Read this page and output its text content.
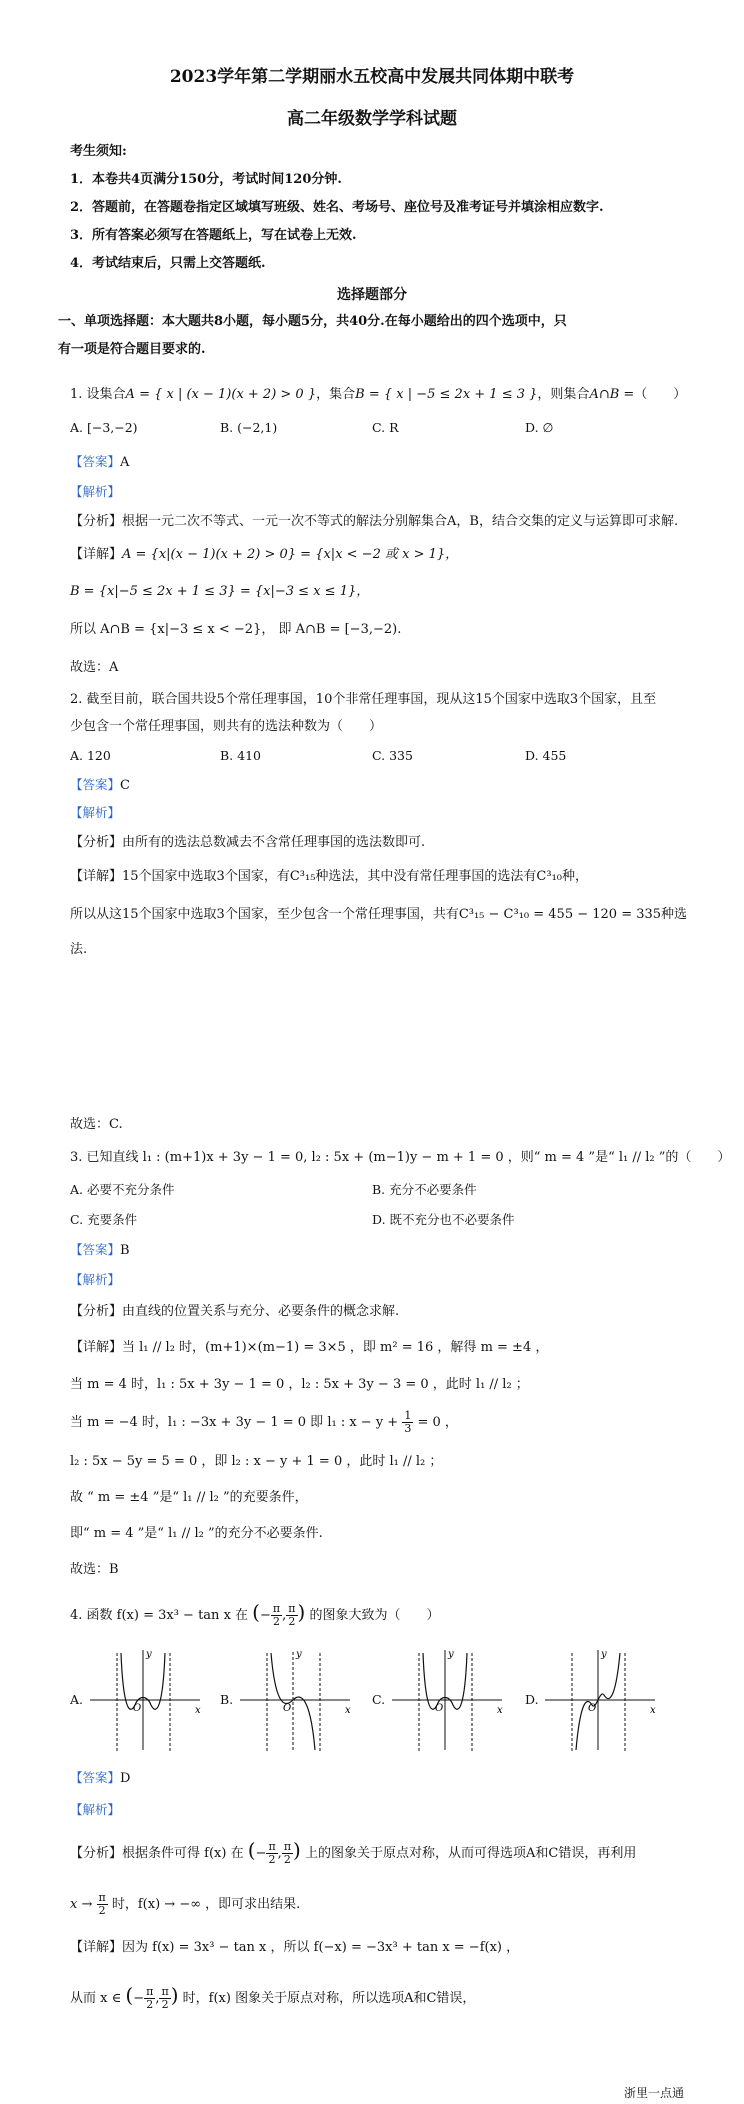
2023学年第二学期丽水五校高中发展共同体期中联考
高二年级数学学科试题
考生须知:
1．本卷共4页满分150分，考试时间120分钟.
2．答题前，在答题卷指定区域填写班级、姓名、考场号、座位号及准考证号并填涂相应数字.
3．所有答案必须写在答题纸上，写在试卷上无效.
4．考试结束后，只需上交答题纸.
选择题部分
一、单项选择题：本大题共8小题，每小题5分，共40分.在每小题给出的四个选项中，只
有一项是符合题目要求的.
1. 设集合A = { x | (x − 1)(x + 2) > 0 }，集合B = { x | −5 ≤ 2x + 1 ≤ 3 }，则集合A∩B =（　　）
A. [−3,−2)	B. (−2,1)	C. R	D. ∅
【答案】A
【解析】
【分析】根据一元二次不等式、一元一次不等式的解法分别解集合A，B，结合交集的定义与运算即可求解.
【详解】A = {x|(x − 1)(x + 2) > 0} = {x|x < −2 或 x > 1}，
B = {x|−5 ≤ 2x + 1 ≤ 3} = {x|−3 ≤ x ≤ 1}，
所以 A∩B = {x|−3 ≤ x < −2}， 即 A∩B = [−3,−2).
故选：A
2. 截至目前，联合国共设5个常任理事国，10个非常任理事国，现从这15个国家中选取3个国家，且至
少包含一个常任理事国，则共有的选法种数为（　　）
A. 120	B. 410	C. 335	D. 455
【答案】C
【解析】
【分析】由所有的选法总数减去不含常任理事国的选法数即可.
【详解】15个国家中选取3个国家，有C³₁₅种选法，其中没有常任理事国的选法有C³₁₀种，
所以从这15个国家中选取3个国家，至少包含一个常任理事国，共有C³₁₅ − C³₁₀ = 455 − 120 = 335种选
法.
故选：C.
3. 已知直线 l₁ : (m+1)x + 3y − 1 = 0, l₂ : 5x + (m−1)y − m + 1 = 0 ，则“ m = 4 ”是“ l₁ // l₂ ”的（　　）
A. 必要不充分条件	B. 充分不必要条件
C. 充要条件	D. 既不充分也不必要条件
【答案】B
【解析】
【分析】由直线的位置关系与充分、必要条件的概念求解.
【详解】当 l₁ // l₂ 时，(m+1)×(m−1) = 3×5 ，即 m² = 16 ，解得 m = ±4 ，
当 m = 4 时，l₁ : 5x + 3y − 1 = 0 ，l₂ : 5x + 3y − 3 = 0 ，此时 l₁ // l₂ ；
当 m = −4 时，l₁ : −3x + 3y − 1 = 0 即 l₁ : $x - y + \frac{1}{3} = 0$ ，
l₂ : 5x − 5y = 5 = 0 ，即 l₂ : x − y + 1 = 0 ，此时 l₁ // l₂ ；
故 “ m = ±4 ”是“ l₁ // l₂ ”的充要条件，
即“ m = 4 ”是“ l₁ // l₂ ”的充分不必要条件.
故选：B
4. 函数 f(x) = 3x³ − tan x 在 (− $\frac{\pi}{2}$ , $\frac{\pi}{2}$ ) 的图象大致为（　　）
A.	B.	C.	D.
x
y
O	x
y
O	x
y
O	x
y
O
【答案】D
【解析】
【分析】根据条件可得 f(x) 在 (− $\frac{\pi}{2}$ , $\frac{\pi}{2}$ ) 上的图象关于原点对称，从而可得选项A和C错误，再利用
$x \to \frac{\pi}{2}$ 时，f(x) → −∞ ，即可求出结果.
【详解】因为 f(x) = 3x³ − tan x ，所以 f(−x) = −3x³ + tan x = −f(x) ，
从而 x ∈ (− $\frac{\pi}{2}$ , $\frac{\pi}{2}$ ) 时，f(x) 图象关于原点对称，所以选项A和C错误，
浙里一点通
